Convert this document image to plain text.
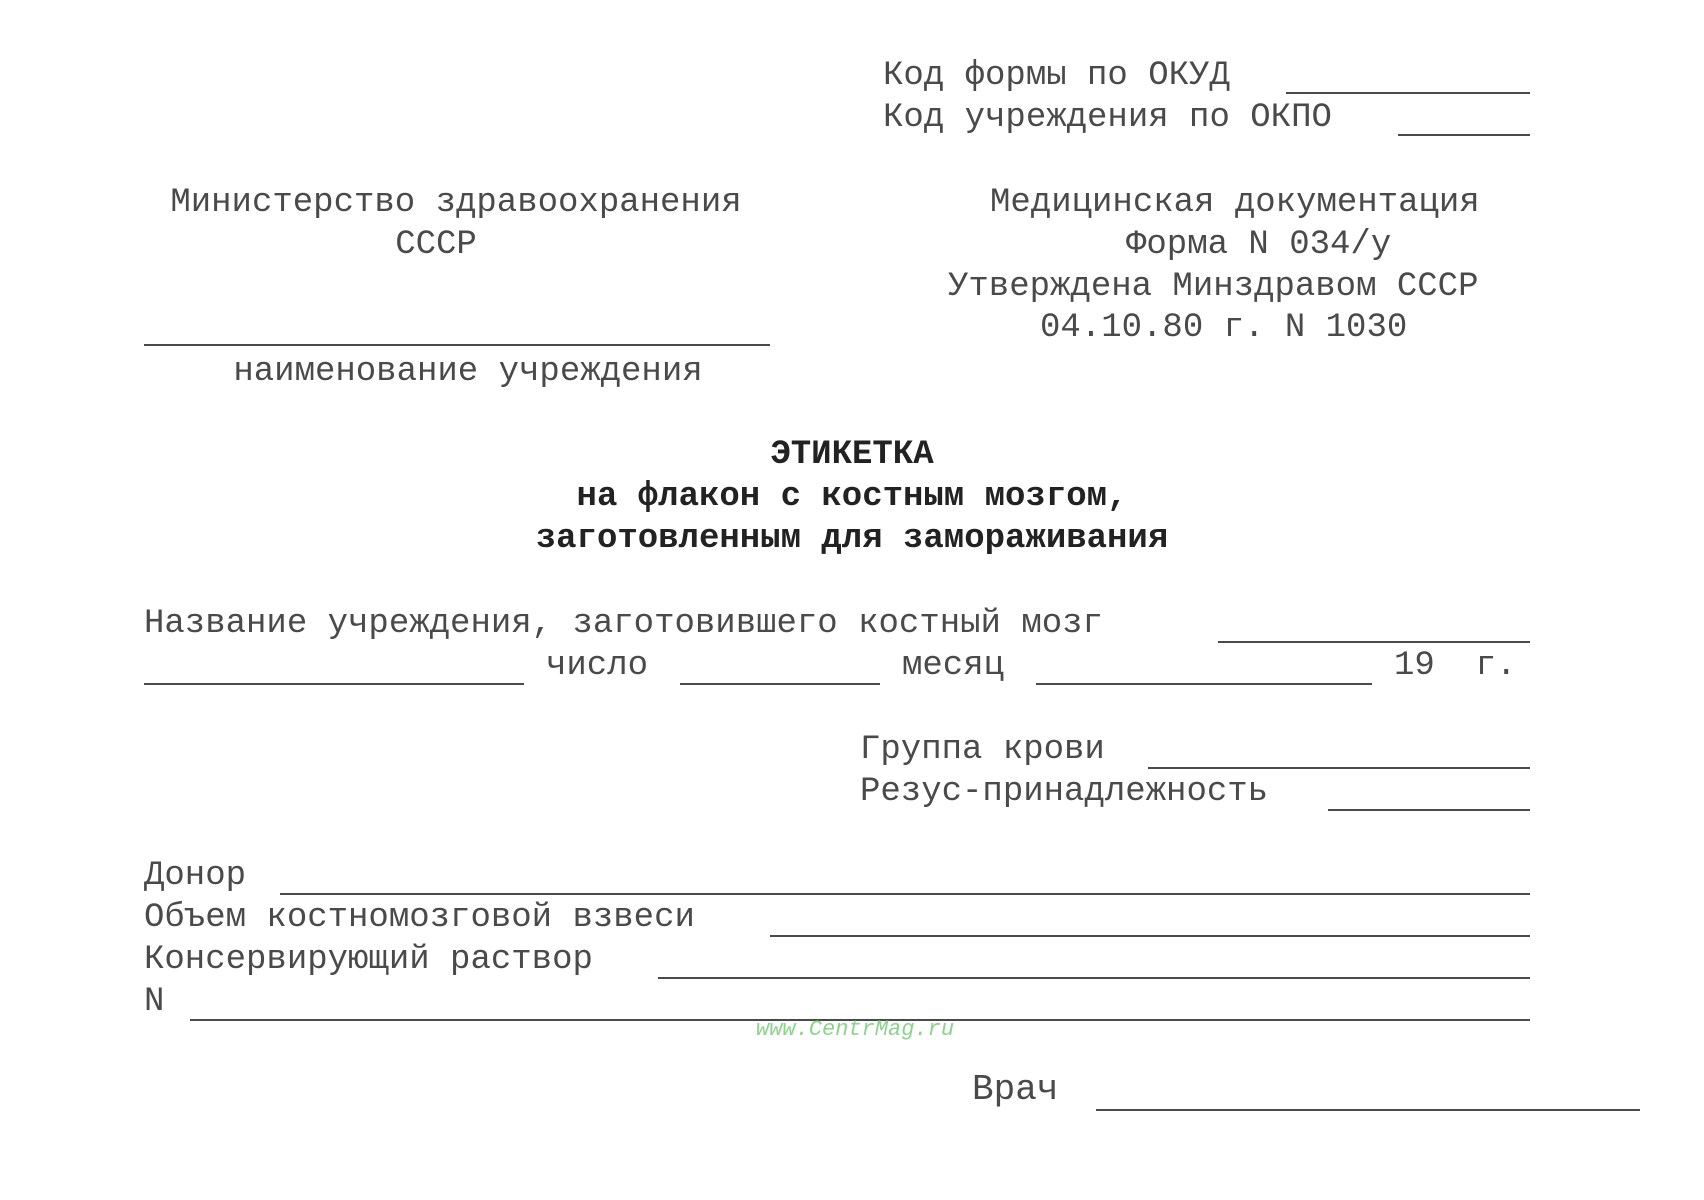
Код формы по ОКУД
Код учреждения по ОКПО
Министерство здравоохранения
СССР
наименование учреждения
Медицинская документация
Форма N 034/у
Утверждена Минздравом СССР
04.10.80 г. N 1030
ЭТИКЕТКА
на флакон с костным мозгом,
заготовленным для замораживания
Название учреждения, заготовившего костный мозг
число	месяц	19  г.
Группа крови
Резус-принадлежность
Донор
Объем костномозговой взвеси
Консервирующий раствор
N
www.CentrMag.ru
Врач
